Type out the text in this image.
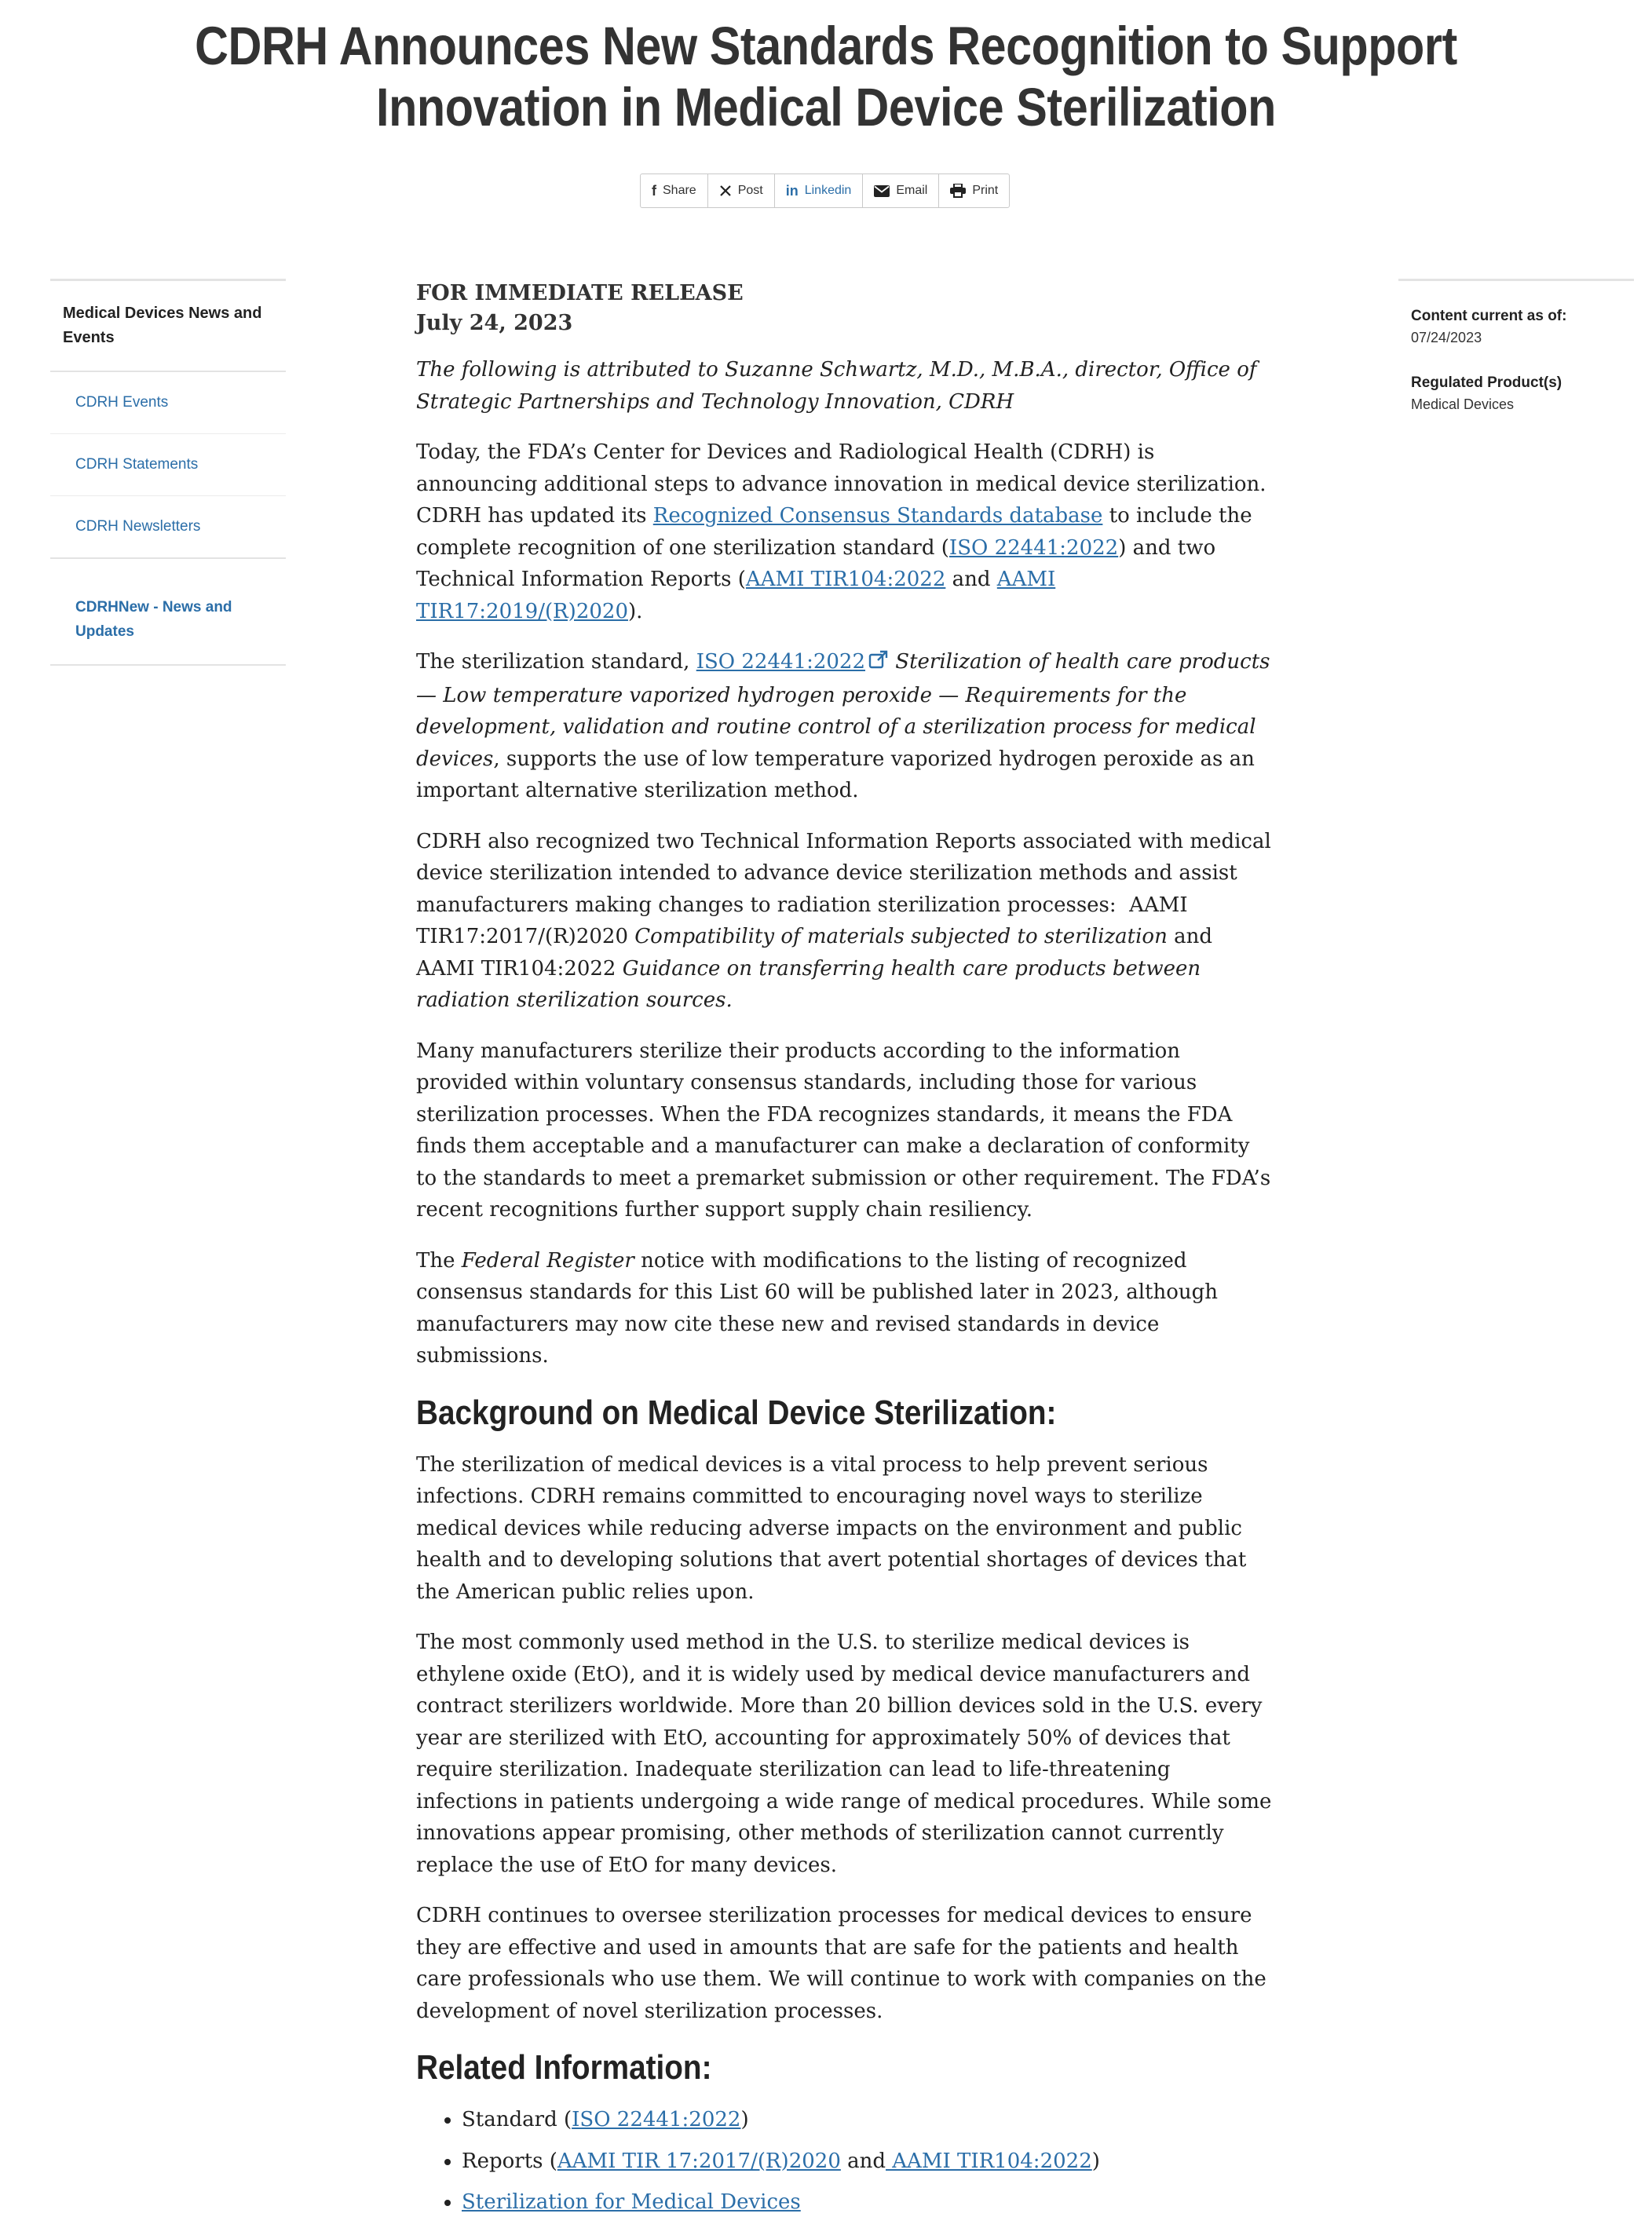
CDRH Announces New Standards Recognition to Support Innovation in Medical Device Sterilization
f Share	Post in Linkedin	Email	Print
Medical Devices News and Events
CDRH Events
CDRH Statements
CDRH Newsletters
CDRHNew - News and Updates
Content current as of:
07/24/2023
Regulated Product(s)
Medical Devices
FOR IMMEDIATE RELEASE
July 24, 2023

The following is attributed to Suzanne Schwartz, M.D., M.B.A., director, Office of Strategic Partnerships and Technology Innovation, CDRH

Today, the FDA’s Center for Devices and Radiological Health (CDRH) is announcing additional steps to advance innovation in medical device sterilization. CDRH has updated its Recognized Consensus Standards database to include the complete recognition of one sterilization standard (ISO 22441:2022) and two Technical Information Reports (AAMI TIR104:2022 and AAMI TIR17:2019/(R)2020).

The sterilization standard, ISO 22441:2022 Sterilization of health care products — Low temperature vaporized hydrogen peroxide — Requirements for the development, validation and routine control of a sterilization process for medical devices, supports the use of low temperature vaporized hydrogen peroxide as an important alternative sterilization method.

CDRH also recognized two Technical Information Reports associated with medical device sterilization intended to advance device sterilization methods and assist manufacturers making changes to radiation sterilization processes:  AAMI TIR17:2017/(R)2020 Compatibility of materials subjected to sterilization and AAMI TIR104:2022 Guidance on transferring health care products between radiation sterilization sources.

Many manufacturers sterilize their products according to the information provided within voluntary consensus standards, including those for various sterilization processes. When the FDA recognizes standards, it means the FDA finds them acceptable and a manufacturer can make a declaration of conformity to the standards to meet a premarket submission or other requirement. The FDA’s recent recognitions further support supply chain resiliency.

The Federal Register notice with modifications to the listing of recognized consensus standards for this List 60 will be published later in 2023, although manufacturers may now cite these new and revised standards in device submissions.

Background on Medical Device Sterilization:

The sterilization of medical devices is a vital process to help prevent serious infections. CDRH remains committed to encouraging novel ways to sterilize medical devices while reducing adverse impacts on the environment and public health and to developing solutions that avert potential shortages of devices that the American public relies upon.

The most commonly used method in the U.S. to sterilize medical devices is ethylene oxide (EtO), and it is widely used by medical device manufacturers and contract sterilizers worldwide. More than 20 billion devices sold in the U.S. every year are sterilized with EtO, accounting for approximately 50% of devices that require sterilization. Inadequate sterilization can lead to life-threatening infections in patients undergoing a wide range of medical procedures. While some innovations appear promising, other methods of sterilization cannot currently replace the use of EtO for many devices.

CDRH continues to oversee sterilization processes for medical devices to ensure they are effective and used in amounts that are safe for the patients and health care professionals who use them. We will continue to work with companies on the development of novel sterilization processes.

Related Information:
• Standard (ISO 22441:2022)
• Reports (AAMI TIR 17:2017/(R)2020 and AAMI TIR104:2022)
• Sterilization for Medical Devices
